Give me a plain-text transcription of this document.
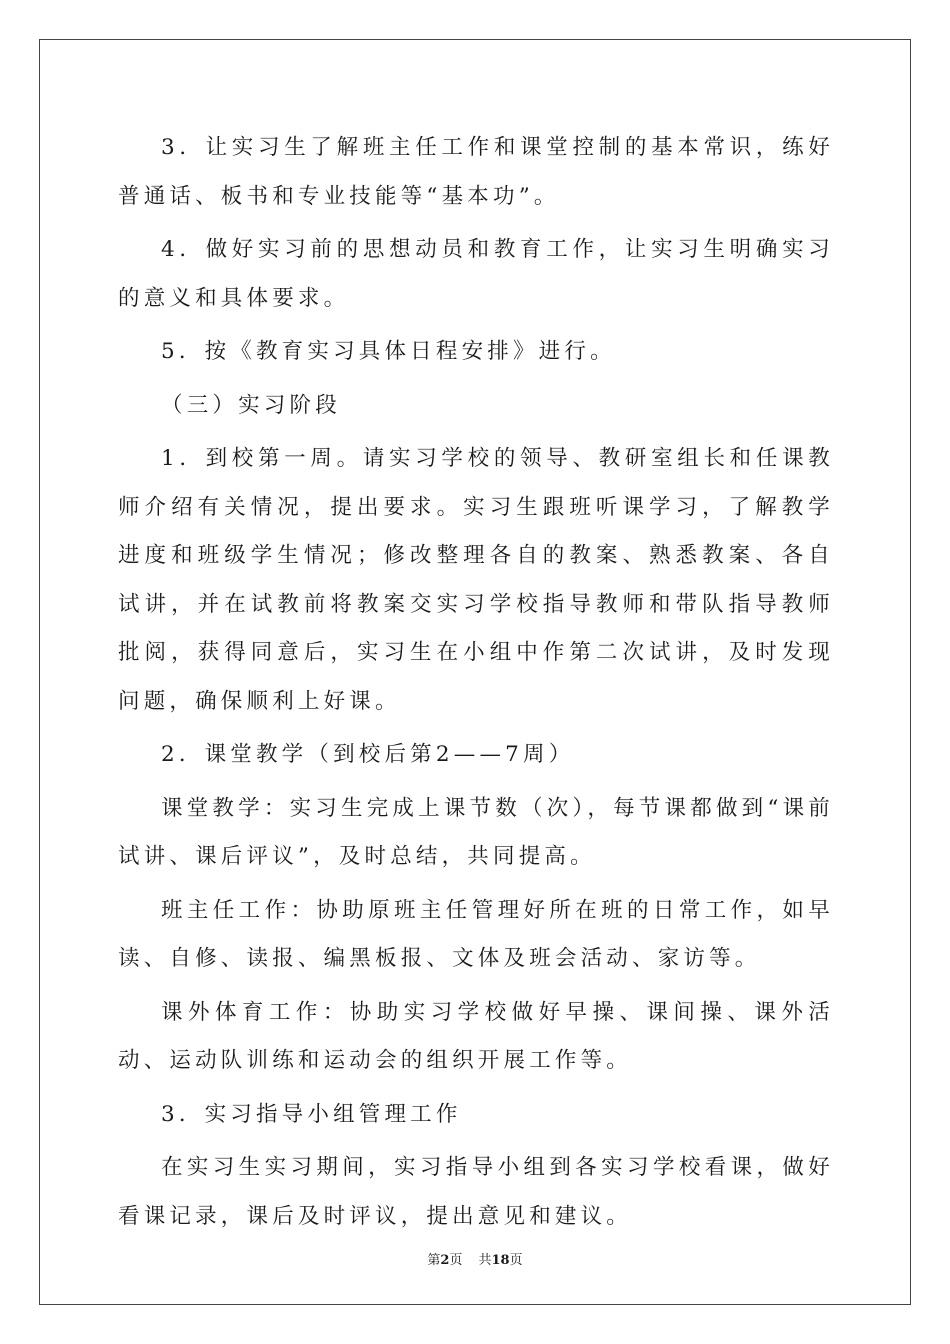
3．让实习生了解班主任工作和课堂控制的基本常识，练好普通话、板书和专业技能等“基本功”。

4．做好实习前的思想动员和教育工作，让实习生明确实习的意义和具体要求。

5．按《教育实习具体日程安排》进行。

（三）实习阶段

1．到校第一周。请实习学校的领导、教研室组长和任课教师介绍有关情况，提出要求。实习生跟班听课学习，了解教学进度和班级学生情况；修改整理各自的教案、熟悉教案、各自试讲，并在试教前将教案交实习学校指导教师和带队指导教师批阅，获得同意后，实习生在小组中作第二次试讲，及时发现问题，确保顺利上好课。

2．课堂教学（到校后第2——7周）

课堂教学：实习生完成上课节数（次），每节课都做到“课前试讲、课后评议”，及时总结，共同提高。

班主任工作：协助原班主任管理好所在班的日常工作，如早读、自修、读报、编黑板报、文体及班会活动、家访等。

课外体育工作：协助实习学校做好早操、课间操、课外活动、运动队训练和运动会的组织开展工作等。

3．实习指导小组管理工作

在实习生实习期间，实习指导小组到各实习学校看课，做好看课记录，课后及时评议，提出意见和建议。

第2页 共18页
